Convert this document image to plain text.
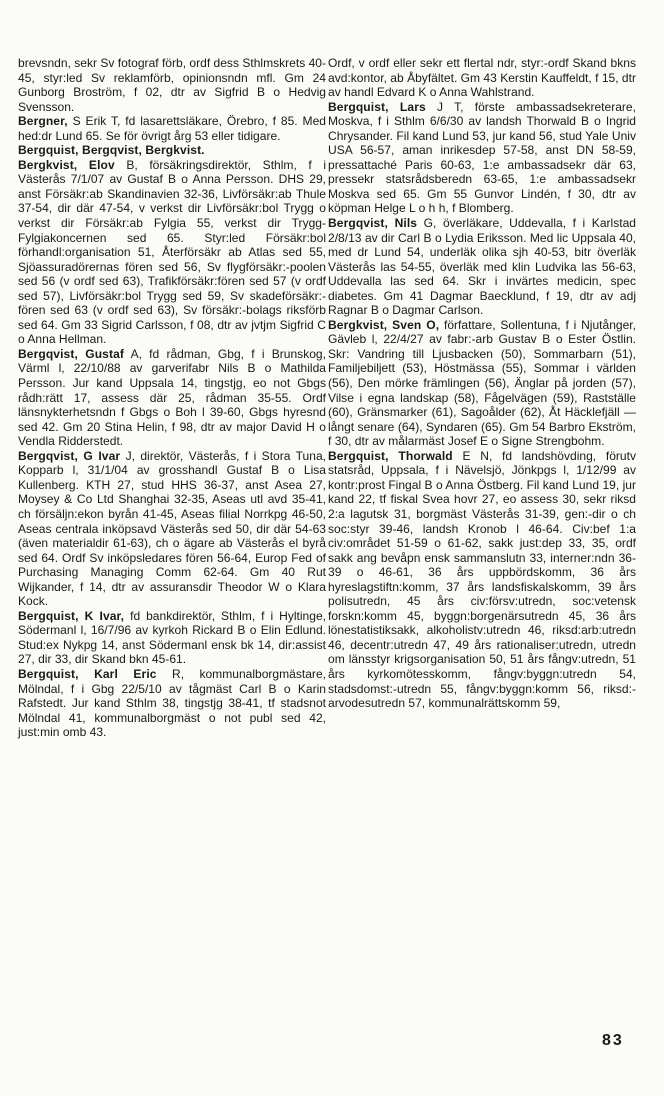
brevsndn, sekr Sv fotograf förb, ordf dess Sthlmskrets 40-45, styr:led Sv reklamförb, opinionsndn mfl. Gm 24 Gunborg Broström, f 02, dtr av Sigfrid B o Hedvig Svensson.

Bergner, S Erik T, fd lasarettsläkare, Örebro, f 85. Med hed:dr Lund 65. Se för övrigt årg 53 eller tidigare.

Bergquist, Bergqvist, Bergkvist.

Bergkvist, Elov B, försäkringsdirektör, Sthlm, f i Västerås 7/1/07 av Gustaf B o Anna Persson. DHS 29, anst Försäkr:ab Skandinavien 32-36, Livförsäkr:ab Thule 37-54, dir där 47-54, v verkst dir Livförsäkr:bol Trygg o verkst dir Försäkr:ab Fylgia 55, verkst dir Trygg-Fylgiakoncernen sed 65. Styr:led Försäkr:bol förhandl:organisation 51, Återförsäkr ab Atlas sed 55, Sjöassuradörernas fören sed 56, Sv flygförsäkr:-poolen sed 56 (v ordf sed 63), Trafikförsäkr:fören sed 57 (v ordf sed 57), Livförsäkr:bol Trygg sed 59, Sv skadeförsäkr:-fören sed 63 (v ordf sed 63), Sv försäkr:-bolags riksförb sed 64. Gm 33 Sigrid Carlsson, f 08, dtr av jvtjm Sigfrid C o Anna Hellman.

Bergqvist, Gustaf A, fd rådman, Gbg, f i Brunskog, Värml l, 22/10/88 av garverifabr Nils B o Mathilda Persson. Jur kand Uppsala 14, tingstjg, eo not Gbgs rådh:rätt 17, assess där 25, rådman 35-55. Ordf länsnykterhetsndn f Gbgs o Boh l 39-60, Gbgs hyresnd sed 42. Gm 20 Stina Helin, f 98, dtr av major David H o Vendla Ridderstedt.

Bergqvist, G Ivar J, direktör, Västerås, f i Stora Tuna, Kopparb l, 31/1/04 av grosshandl Gustaf B o Lisa Kullenberg. KTH 27, stud HHS 36-37, anst Asea 27, Moysey & Co Ltd Shanghai 32-35, Aseas utl avd 35-41, ch försäljn:ekon byrån 41-45, Aseas filial Norrkpg 46-50, Aseas centrala inköpsavd Västerås sed 50, dir där 54-63 (även materialdir 61-63), ch o ägare ab Västerås el byrå sed 64. Ordf Sv inköpsledares fören 56-64, Europ Fed of Purchasing Managing Comm 62-64. Gm 40 Rut Wijkander, f 14, dtr av assuransdir Theodor W o Klara Kock.

Bergquist, K Ivar, fd bankdirektör, Sthlm, f i Hyltinge, Södermanl l, 16/7/96 av kyrkoh Rickard B o Elin Edlund. Stud:ex Nykpg 14, anst Södermanl ensk bk 14, dir:assist 27, dir 33, dir Skand bkn 45-61.

Bergquist, Karl Eric R, kommunalborgmästare, Mölndal, f i Gbg 22/5/10 av tågmäst Carl B o Karin Rafstedt. Jur kand Sthlm 38, tingstjg 38-41, tf stadsnot Mölndal 41, kommunalborgmäst o not publ sed 42, just:min omb 43.

Ordf, v ordf eller sekr ett flertal ndr, styr:-ordf Skand bkns avd:kontor, ab Åbyfältet. Gm 43 Kerstin Kauffeldt, f 15, dtr av handl Edvard K o Anna Wahlstrand.

Bergquist, Lars J T, förste ambassadsekreterare, Moskva, f i Sthlm 6/6/30 av landsh Thorwald B o Ingrid Chrysander. Fil kand Lund 53, jur kand 56, stud Yale Univ USA 56-57, aman inrikesdep 57-58, anst DN 58-59, pressattaché Paris 60-63, 1:e ambassadsekr där 63, pressekr statsrådsberedn 63-65, 1:e ambassadsekr Moskva sed 65. Gm 55 Gunvor Lindén, f 30, dtr av köpman Helge L o h h, f Blomberg.

Bergqvist, Nils G, överläkare, Uddevalla, f i Karlstad 2/8/13 av dir Carl B o Lydia Eriksson. Med lic Uppsala 40, med dr Lund 54, underläk olika sjh 40-53, bitr överläk Västerås las 54-55, överläk med klin Ludvika las 56-63, Uddevalla las sed 64. Skr i invärtes medicin, spec diabetes. Gm 41 Dagmar Baecklund, f 19, dtr av adj Ragnar B o Dagmar Carlson.

Bergkvist, Sven O, författare, Sollentuna, f i Njutånger, Gävleb l, 22/4/27 av fabr:-arb Gustav B o Ester Östlin. Skr: Vandring till Ljusbacken (50), Sommarbarn (51), Familjebiljett (53), Höstmässa (55), Sommar i världen (56), Den mörke främlingen (56), Änglar på jorden (57), Vilse i egna landskap (58), Fågelvägen (59), Rastställe (60), Gränsmarker (61), Sagoålder (62), Åt Häcklefjäll — långt senare (64), Syndaren (65). Gm 54 Barbro Ekström, f 30, dtr av målarmäst Josef E o Signe Strengbohm.

Bergquist, Thorwald E N, fd landshövding, förutv statsråd, Uppsala, f i Nävelsjö, Jönkpgs l, 1/12/99 av kontr:prost Fingal B o Anna Östberg. Fil kand Lund 19, jur kand 22, tf fiskal Svea hovr 27, eo assess 30, sekr riksd 2:a lagutsk 31, borgmäst Västerås 31-39, gen:-dir o ch soc:styr 39-46, landsh Kronob l 46-64. Civ:bef 1:a civ:området 51-59 o 61-62, sakk just:dep 33, 35, ordf sakk ang bevåpn ensk sammanslutn 33, interner:ndn 36-39 o 46-61, 36 års uppbördskomm, 36 års hyreslagstiftn:komm, 37 års landsfiskalskomm, 39 års polisutredn, 45 års civ:försv:utredn, soc:vetensk forskn:komm 45, byggn:borgenärsutredn 45, 36 års lönestatistiksakk, alkoholistv:utredn 46, riksd:arb:utredn 46, decentr:utredn 47, 49 års rationaliser:utredn, utredn om länsstyr krigsorganisation 50, 51 års fångv:utredn, 51 års kyrkomötesskomm, fångv:byggn:utredn 54, stadsdomst:-utredn 55, fångv:byggn:komm 56, riksd:-arvodesutredn 57, kommunalrättskomm 59,

83
